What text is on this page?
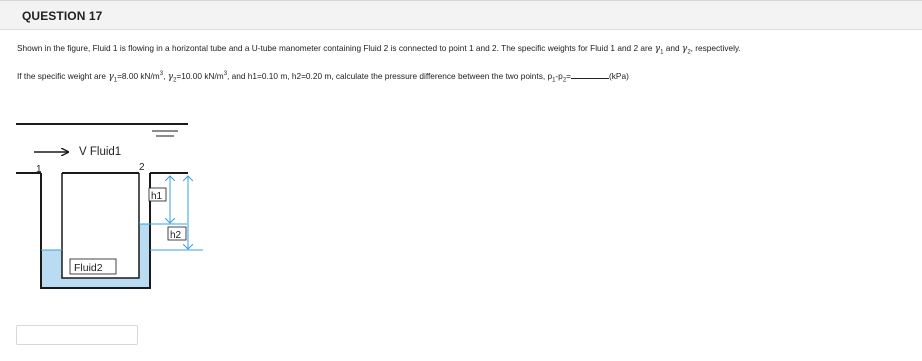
QUESTION 17
Shown in the figure, Fluid 1 is flowing in a horizontal tube and a U-tube manometer containing Fluid 2 is connected to point 1 and 2. The specific weights for Fluid 1 and 2 are $\gamma_1$ and $\gamma_2$, respectively.
If the specific weight are $\gamma_1=8.00$ $kN/m^3$, $\gamma_2=10.00$ $kN/m^3$, and h1=0.10 m, h2=0.20 m, calculate the pressure difference between the two points, $p_1-p_2=$	(kPa)
h1
h2
V Fluid1
1	2
Fluid2
